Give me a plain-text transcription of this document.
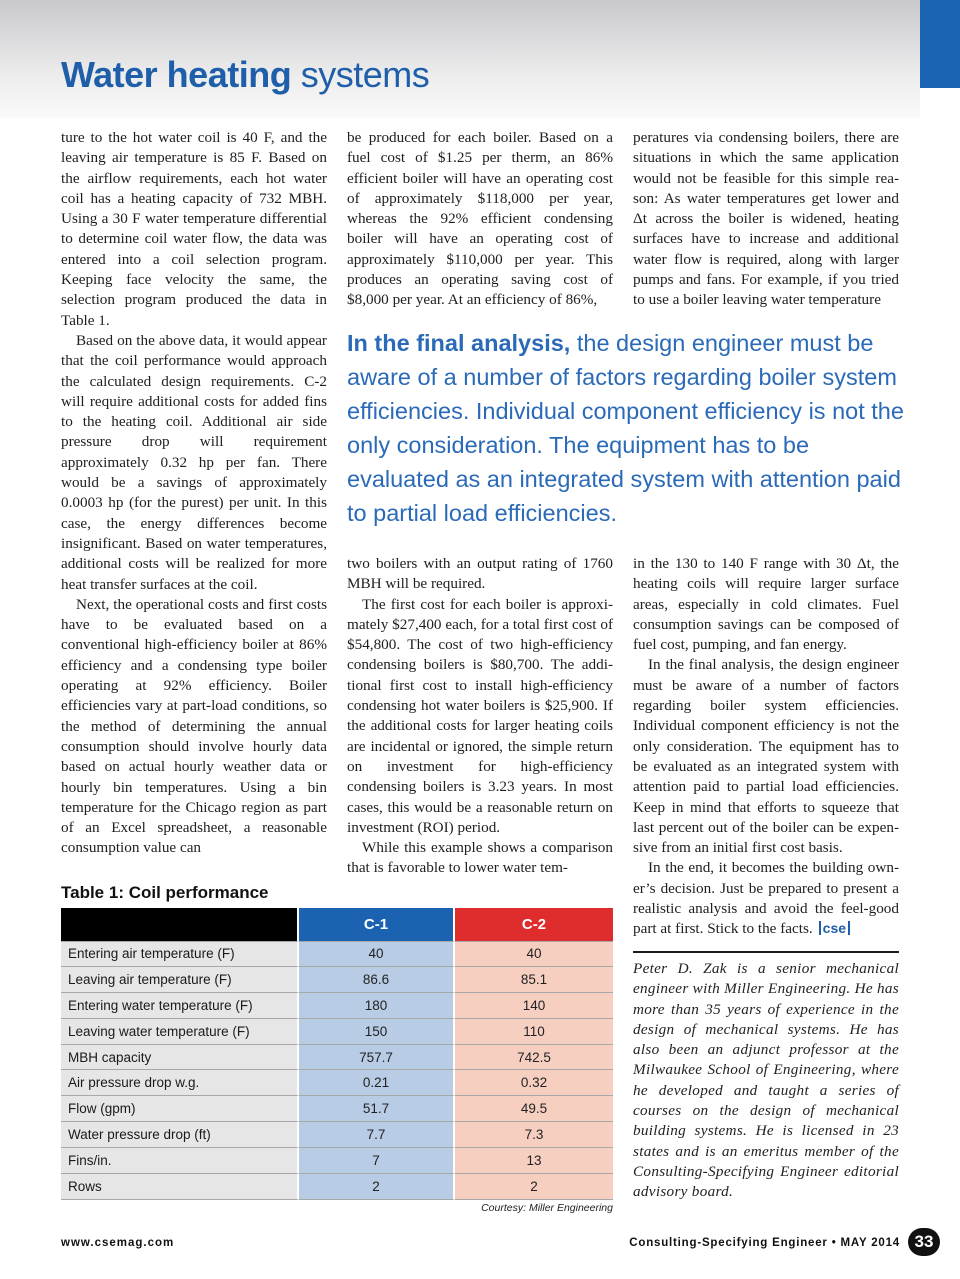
Water heating systems

ture to the hot water coil is 40 F, and the leaving air temperature is 85 F. Based on the airflow requirements, each hot water coil has a heating capacity of 732 MBH. Using a 30 F water temperature differential to determine coil water flow, the data was entered into a coil selection program. Keeping face velocity the same, the selection program produced the data in Table 1.

Based on the above data, it would appear that the coil performance would approach the calculated design requirements. C-2 will require additional costs for added fins to the heating coil. Additional air side pressure drop will requirement approximately 0.32 hp per fan. There would be a savings of approximately 0.0003 hp (for the purest) per unit. In this case, the energy differences become insignificant. Based on water temperatures, additional costs will be realized for more heat transfer surfaces at the coil.

Next, the operational costs and first costs have to be evaluated based on a conventional high-efficiency boiler at 86% efficiency and a condensing type boiler operating at 92% efficiency. Boiler efficiencies vary at part-load conditions, so the method of determining the annual consumption should involve hourly data based on actual hourly weather data or hourly bin temperatures. Using a bin temperature for the Chicago region as part of an Excel spreadsheet, a reasonable consumption value can

be produced for each boiler. Based on a fuel cost of $1.25 per therm, an 86% efficient boiler will have an operating cost of approximately $118,000 per year, whereas the 92% efficient condensing boiler will have an operating cost of approximately $110,000 per year. This produces an operating saving cost of $8,000 per year. At an efficiency of 86%,

peratures via condensing boilers, there are situations in which the same application would not be feasible for this simple reason: As water temperatures get lower and Δt across the boiler is widened, heating surfaces have to increase and additional water flow is required, along with larger pumps and fans. For example, if you tried to use a boiler leaving water temperature

In the final analysis, the design engineer must be aware of a number of factors regarding boiler system efficiencies. Individual component efficiency is not the only consideration. The equipment has to be evaluated as an integrated system with attention paid to partial load efficiencies.

two boilers with an output rating of 1760 MBH will be required.

The first cost for each boiler is approximately $27,400 each, for a total first cost of $54,800. The cost of two high-efficiency condensing boilers is $80,700. The additional first cost to install high-efficiency condensing hot water boilers is $25,900. If the additional costs for larger heating coils are incidental or ignored, the simple return on investment for high-efficiency condensing boilers is 3.23 years. In most cases, this would be a reasonable return on investment (ROI) period.

While this example shows a comparison that is favorable to lower water tem-

in the 130 to 140 F range with 30 Δt, the heating coils will require larger surface areas, especially in cold climates. Fuel consumption savings can be composed of fuel cost, pumping, and fan energy.

In the final analysis, the design engineer must be aware of a number of factors regarding boiler system efficiencies. Individual component efficiency is not the only consideration. The equipment has to be evaluated as an integrated system with attention paid to partial load efficiencies. Keep in mind that efforts to squeeze that last percent out of the boiler can be expensive from an initial first cost basis.

In the end, it becomes the building owner’s decision. Just be prepared to present a realistic analysis and avoid the feel-good part at first. Stick to the facts. cse

Table 1: Coil performance
	C-1	C-2
Entering air temperature (F)	40	40
Leaving air temperature (F)	86.6	85.1
Entering water temperature (F)	180	140
Leaving water temperature (F)	150	110
MBH capacity	757.7	742.5
Air pressure drop w.g.	0.21	0.32
Flow (gpm)	51.7	49.5
Water pressure drop (ft)	7.7	7.3
Fins/in.	7	13
Rows	2	2
Courtesy: Miller Engineering
Peter D. Zak is a senior mechanical engineer with Miller Engineering. He has more than 35 years of experience in the design of mechanical systems. He has also been an adjunct professor at the Milwaukee School of Engineering, where he developed and taught a series of courses on the design of mechanical building systems. He is licensed in 23 states and is an emeritus member of the Consulting-Specifying Engineer editorial advisory board.
www.csemag.com	Consulting-Specifying Engineer • MAY 2014 33
